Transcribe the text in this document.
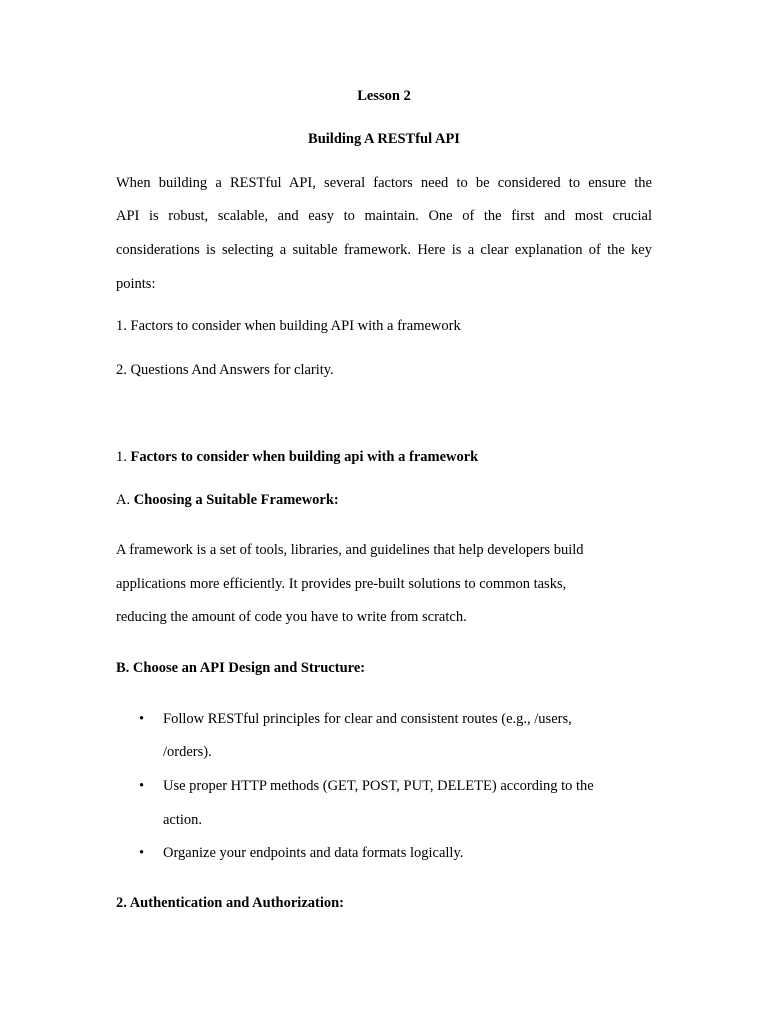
Lesson 2
Building A RESTful API
When building a RESTful API, several factors need to be considered to ensure the
API is robust, scalable, and easy to maintain. One of the first and most crucial
considerations is selecting a suitable framework. Here is a clear explanation of the key
points:
1. Factors to consider when building API with a framework
2. Questions And Answers for clarity.
1. Factors to consider when building api with a framework
A. Choosing a Suitable Framework:
A framework is a set of tools, libraries, and guidelines that help developers build
applications more efficiently. It provides pre-built solutions to common tasks,
reducing the amount of code you have to write from scratch.
B. Choose an API Design and Structure:
• Follow RESTful principles for clear and consistent routes (e.g., /users,
/orders).
• Use proper HTTP methods (GET, POST, PUT, DELETE) according to the
action.
• Organize your endpoints and data formats logically.
2. Authentication and Authorization:
